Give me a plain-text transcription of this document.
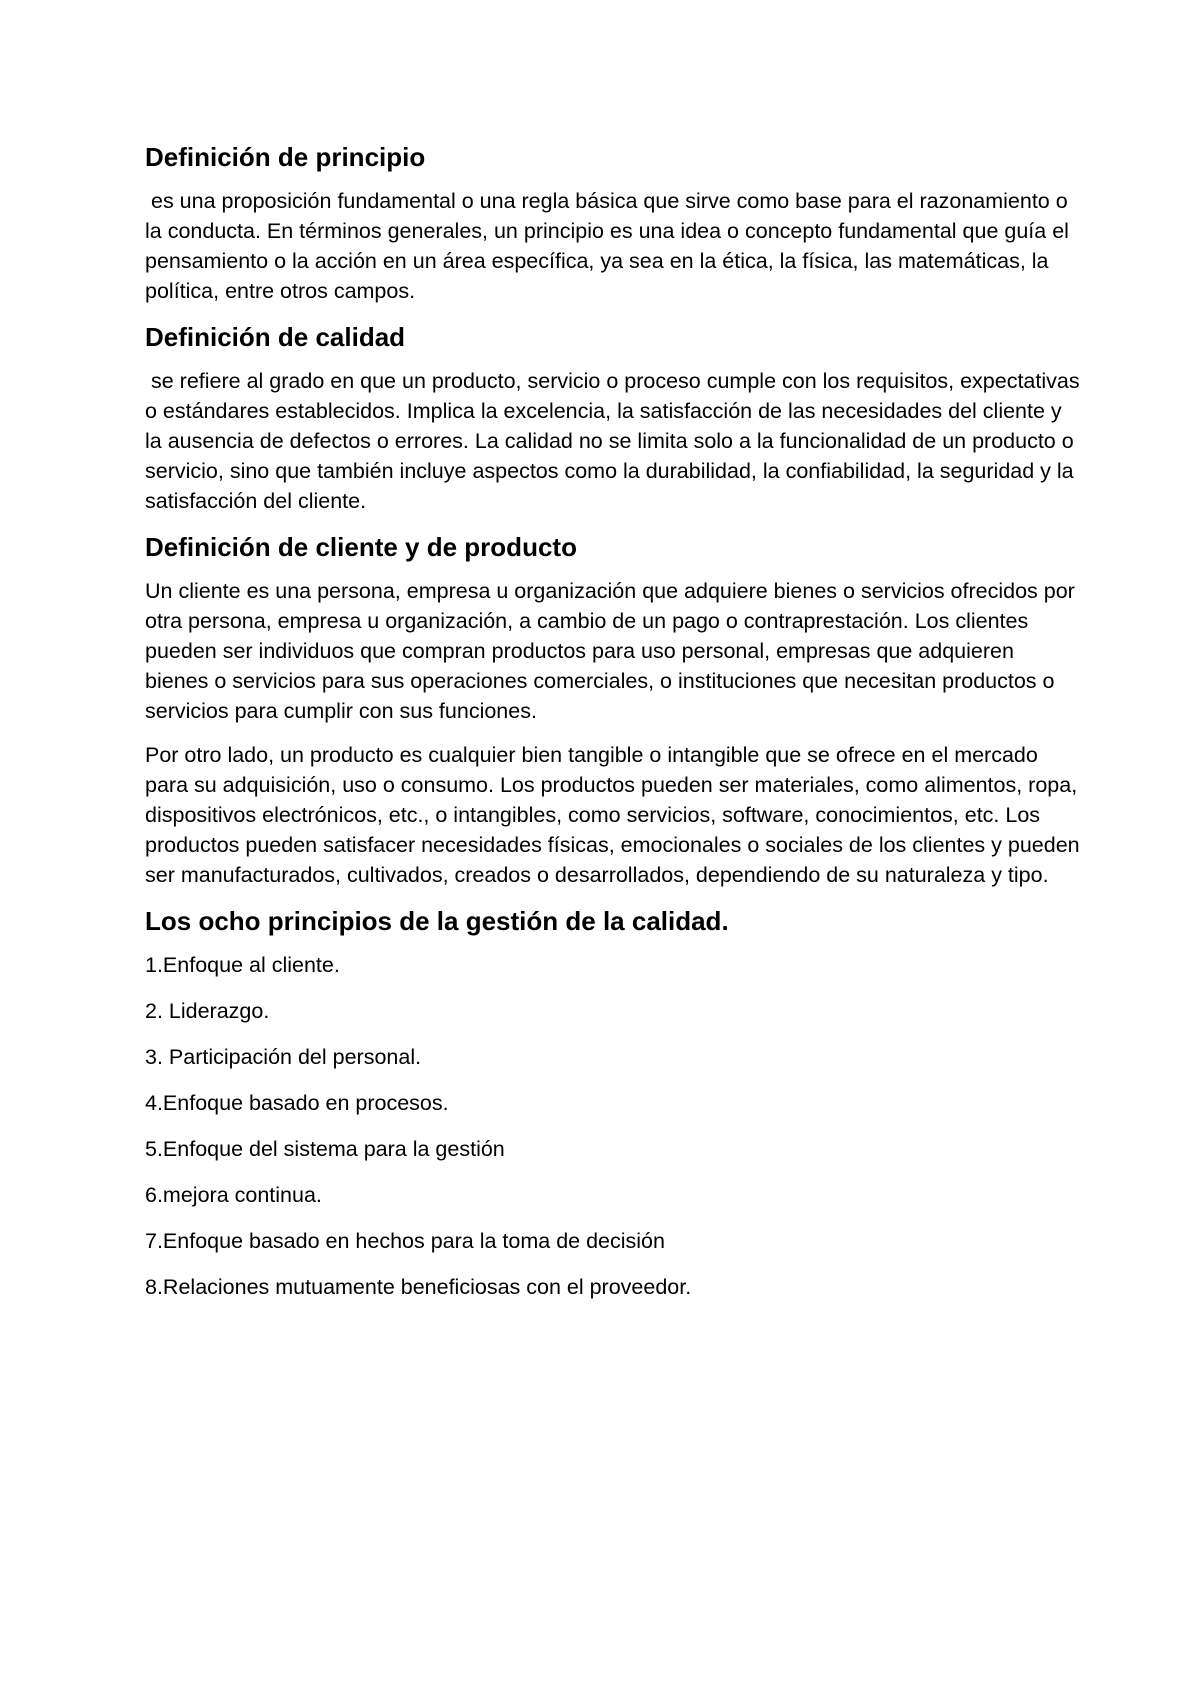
Definición de principio

es una proposición fundamental o una regla básica que sirve como base para el razonamiento o la conducta. En términos generales, un principio es una idea o concepto fundamental que guía el pensamiento o la acción en un área específica, ya sea en la ética, la física, las matemáticas, la política, entre otros campos.

Definición de calidad

se refiere al grado en que un producto, servicio o proceso cumple con los requisitos, expectativas o estándares establecidos. Implica la excelencia, la satisfacción de las necesidades del cliente y la ausencia de defectos o errores. La calidad no se limita solo a la funcionalidad de un producto o servicio, sino que también incluye aspectos como la durabilidad, la confiabilidad, la seguridad y la satisfacción del cliente.

Definición de cliente y de producto

Un cliente es una persona, empresa u organización que adquiere bienes o servicios ofrecidos por otra persona, empresa u organización, a cambio de un pago o contraprestación. Los clientes pueden ser individuos que compran productos para uso personal, empresas que adquieren bienes o servicios para sus operaciones comerciales, o instituciones que necesitan productos o servicios para cumplir con sus funciones.

Por otro lado, un producto es cualquier bien tangible o intangible que se ofrece en el mercado para su adquisición, uso o consumo. Los productos pueden ser materiales, como alimentos, ropa, dispositivos electrónicos, etc., o intangibles, como servicios, software, conocimientos, etc. Los productos pueden satisfacer necesidades físicas, emocionales o sociales de los clientes y pueden ser manufacturados, cultivados, creados o desarrollados, dependiendo de su naturaleza y tipo.

Los ocho principios de la gestión de la calidad.
1.Enfoque al cliente.
2. Liderazgo.
3. Participación del personal.
4.Enfoque basado en procesos.
5.Enfoque del sistema para la gestión
6.mejora continua.
7.Enfoque basado en hechos para la toma de decisión
8.Relaciones mutuamente beneficiosas con el proveedor.
